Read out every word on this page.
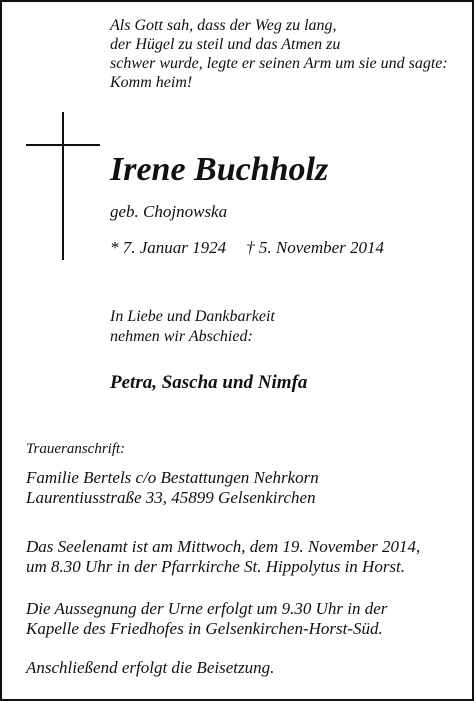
Als Gott sah, dass der Weg zu lang,
der Hügel zu steil und das Atmen zu
schwer wurde, legte er seinen Arm um sie und sagte:
Komm heim!
Irene Buchholz
geb. Chojnowska
* 7. Januar 1924 † 5. November 2014
In Liebe und Dankbarkeit
nehmen wir Abschied:
Petra, Sascha und Nimfa
Traueranschrift:
Familie Bertels c/o Bestattungen Nehrkorn
Laurentiusstraße 33, 45899 Gelsenkirchen
Das Seelenamt ist am Mittwoch, dem 19. November 2014,
um 8.30 Uhr in der Pfarrkirche St. Hippolytus in Horst.
Die Aussegnung der Urne erfolgt um 9.30 Uhr in der
Kapelle des Friedhofes in Gelsenkirchen-Horst-Süd.
Anschließend erfolgt die Beisetzung.
